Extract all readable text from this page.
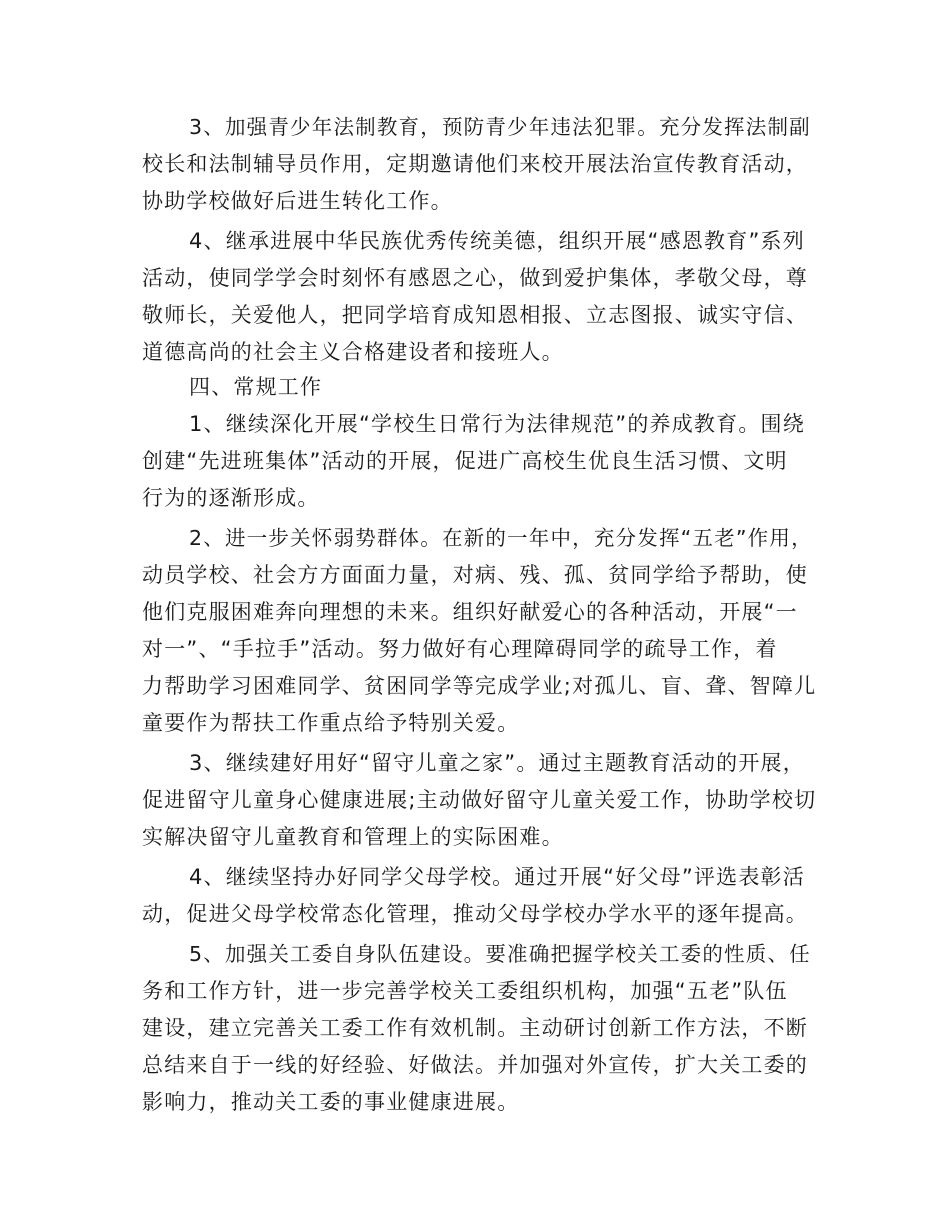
3、加强青少年法制教育，预防青少年违法犯罪。充分发挥法制副
校长和法制辅导员作用，定期邀请他们来校开展法治宣传教育活动，
协助学校做好后进生转化工作。
4、继承进展中华民族优秀传统美德，组织开展“感恩教育”系列
活动，使同学学会时刻怀有感恩之心，做到爱护集体，孝敬父母，尊
敬师长，关爱他人，把同学培育成知恩相报、立志图报、诚实守信、
道德高尚的社会主义合格建设者和接班人。
四、常规工作
1、继续深化开展“学校生日常行为法律规范”的养成教育。围绕
创建“先进班集体”活动的开展，促进广高校生优良生活习惯、文明
行为的逐渐形成。
2、进一步关怀弱势群体。在新的一年中，充分发挥“五老”作用，
动员学校、社会方方面面力量，对病、残、孤、贫同学给予帮助，使
他们克服困难奔向理想的未来。组织好献爱心的各种活动，开展“一
对一”、“手拉手”活动。努力做好有心理障碍同学的疏导工作，着
力帮助学习困难同学、贫困同学等完成学业;对孤儿、盲、聋、智障儿
童要作为帮扶工作重点给予特别关爱。
3、继续建好用好“留守儿童之家”。通过主题教育活动的开展，
促进留守儿童身心健康进展;主动做好留守儿童关爱工作，协助学校切
实解决留守儿童教育和管理上的实际困难。
4、继续坚持办好同学父母学校。通过开展“好父母”评选表彰活
动，促进父母学校常态化管理，推动父母学校办学水平的逐年提高。
5、加强关工委自身队伍建设。要准确把握学校关工委的性质、任
务和工作方针，进一步完善学校关工委组织机构，加强“五老”队伍
建设，建立完善关工委工作有效机制。主动研讨创新工作方法，不断
总结来自于一线的好经验、好做法。并加强对外宣传，扩大关工委的
影响力，推动关工委的事业健康进展。
